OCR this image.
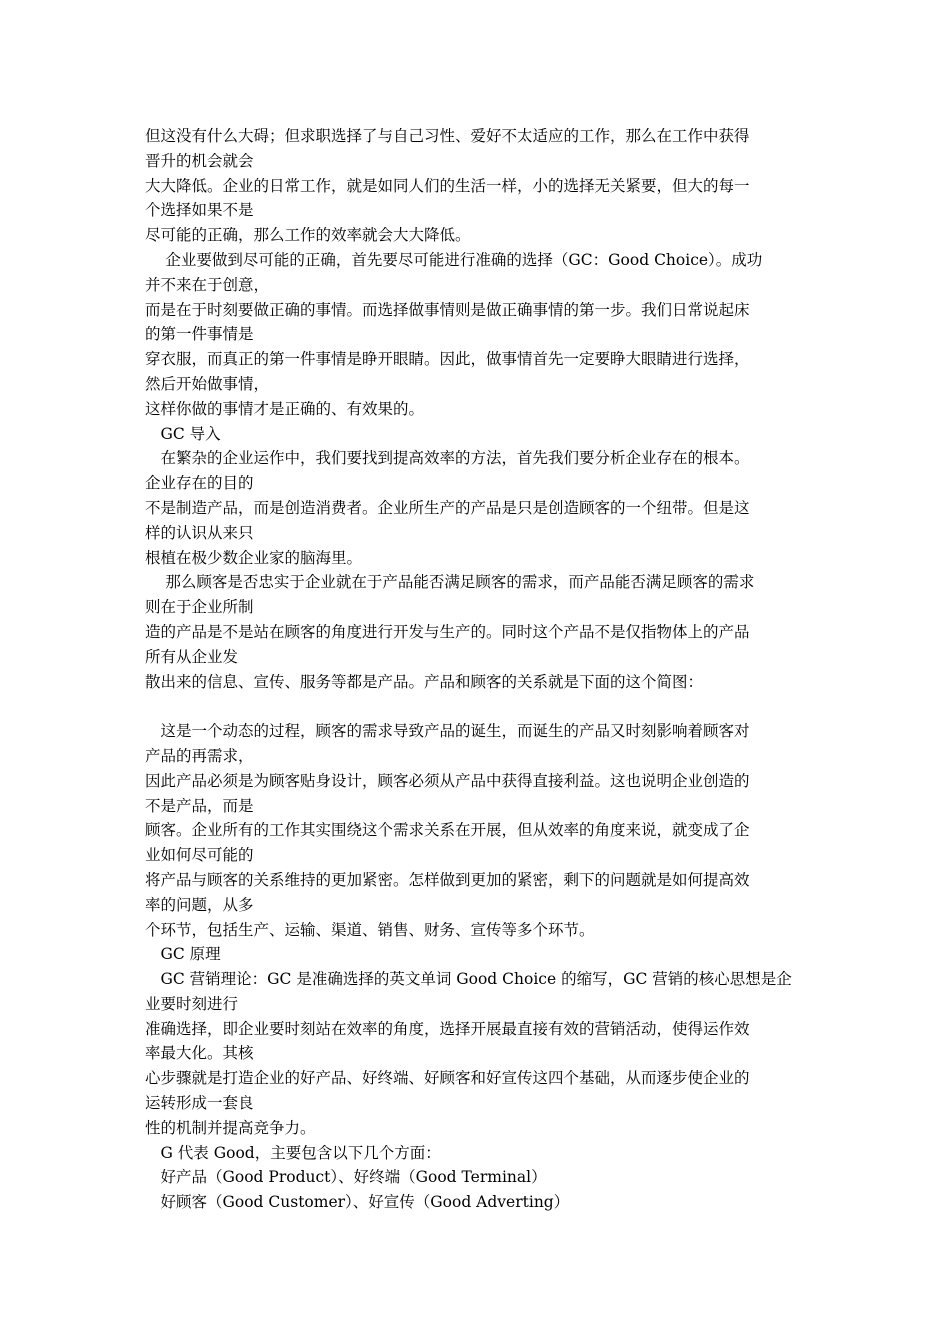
但这没有什么大碍；但求职选择了与自己习性、爱好不太适应的工作，那么在工作中获得
晋升的机会就会
大大降低。企业的日常工作，就是如同人们的生活一样，小的选择无关紧要，但大的每一
个选择如果不是
尽可能的正确，那么工作的效率就会大大降低。
　 企业要做到尽可能的正确，首先要尽可能进行准确的选择（GC：Good Choice）。成功
并不来在于创意，
而是在于时刻要做正确的事情。而选择做事情则是做正确事情的第一步。我们日常说起床
的第一件事情是
穿衣服，而真正的第一件事情是睁开眼睛。因此，做事情首先一定要睁大眼睛进行选择，
然后开始做事情，
这样你做的事情才是正确的、有效果的。
　GC 导入
　在繁杂的企业运作中，我们要找到提高效率的方法，首先我们要分析企业存在的根本。
企业存在的目的
不是制造产品，而是创造消费者。企业所生产的产品是只是创造顾客的一个纽带。但是这
样的认识从来只
根植在极少数企业家的脑海里。
　 那么顾客是否忠实于企业就在于产品能否满足顾客的需求，而产品能否满足顾客的需求
则在于企业所制
造的产品是不是站在顾客的角度进行开发与生产的。同时这个产品不是仅指物体上的产品
所有从企业发
散出来的信息、宣传、服务等都是产品。产品和顾客的关系就是下面的这个简图：
　这是一个动态的过程，顾客的需求导致产品的诞生，而诞生的产品又时刻影响着顾客对
产品的再需求，
因此产品必须是为顾客贴身设计，顾客必须从产品中获得直接利益。这也说明企业创造的
不是产品，而是
顾客。企业所有的工作其实围绕这个需求关系在开展，但从效率的角度来说，就变成了企
业如何尽可能的
将产品与顾客的关系维持的更加紧密。怎样做到更加的紧密，剩下的问题就是如何提高效
率的问题，从多
个环节，包括生产、运输、渠道、销售、财务、宣传等多个环节。
　GC 原理
　GC 营销理论：GC 是准确选择的英文单词 Good Choice 的缩写，GC 营销的核心思想是企
业要时刻进行
准确选择，即企业要时刻站在效率的角度，选择开展最直接有效的营销活动，使得运作效
率最大化。其核
心步骤就是打造企业的好产品、好终端、好顾客和好宣传这四个基础，从而逐步使企业的
运转形成一套良
性的机制并提高竞争力。
　G 代表 Good，主要包含以下几个方面：
　好产品（Good Product）、好终端（Good Terminal）
　好顾客（Good Customer）、好宣传（Good Adverting）
